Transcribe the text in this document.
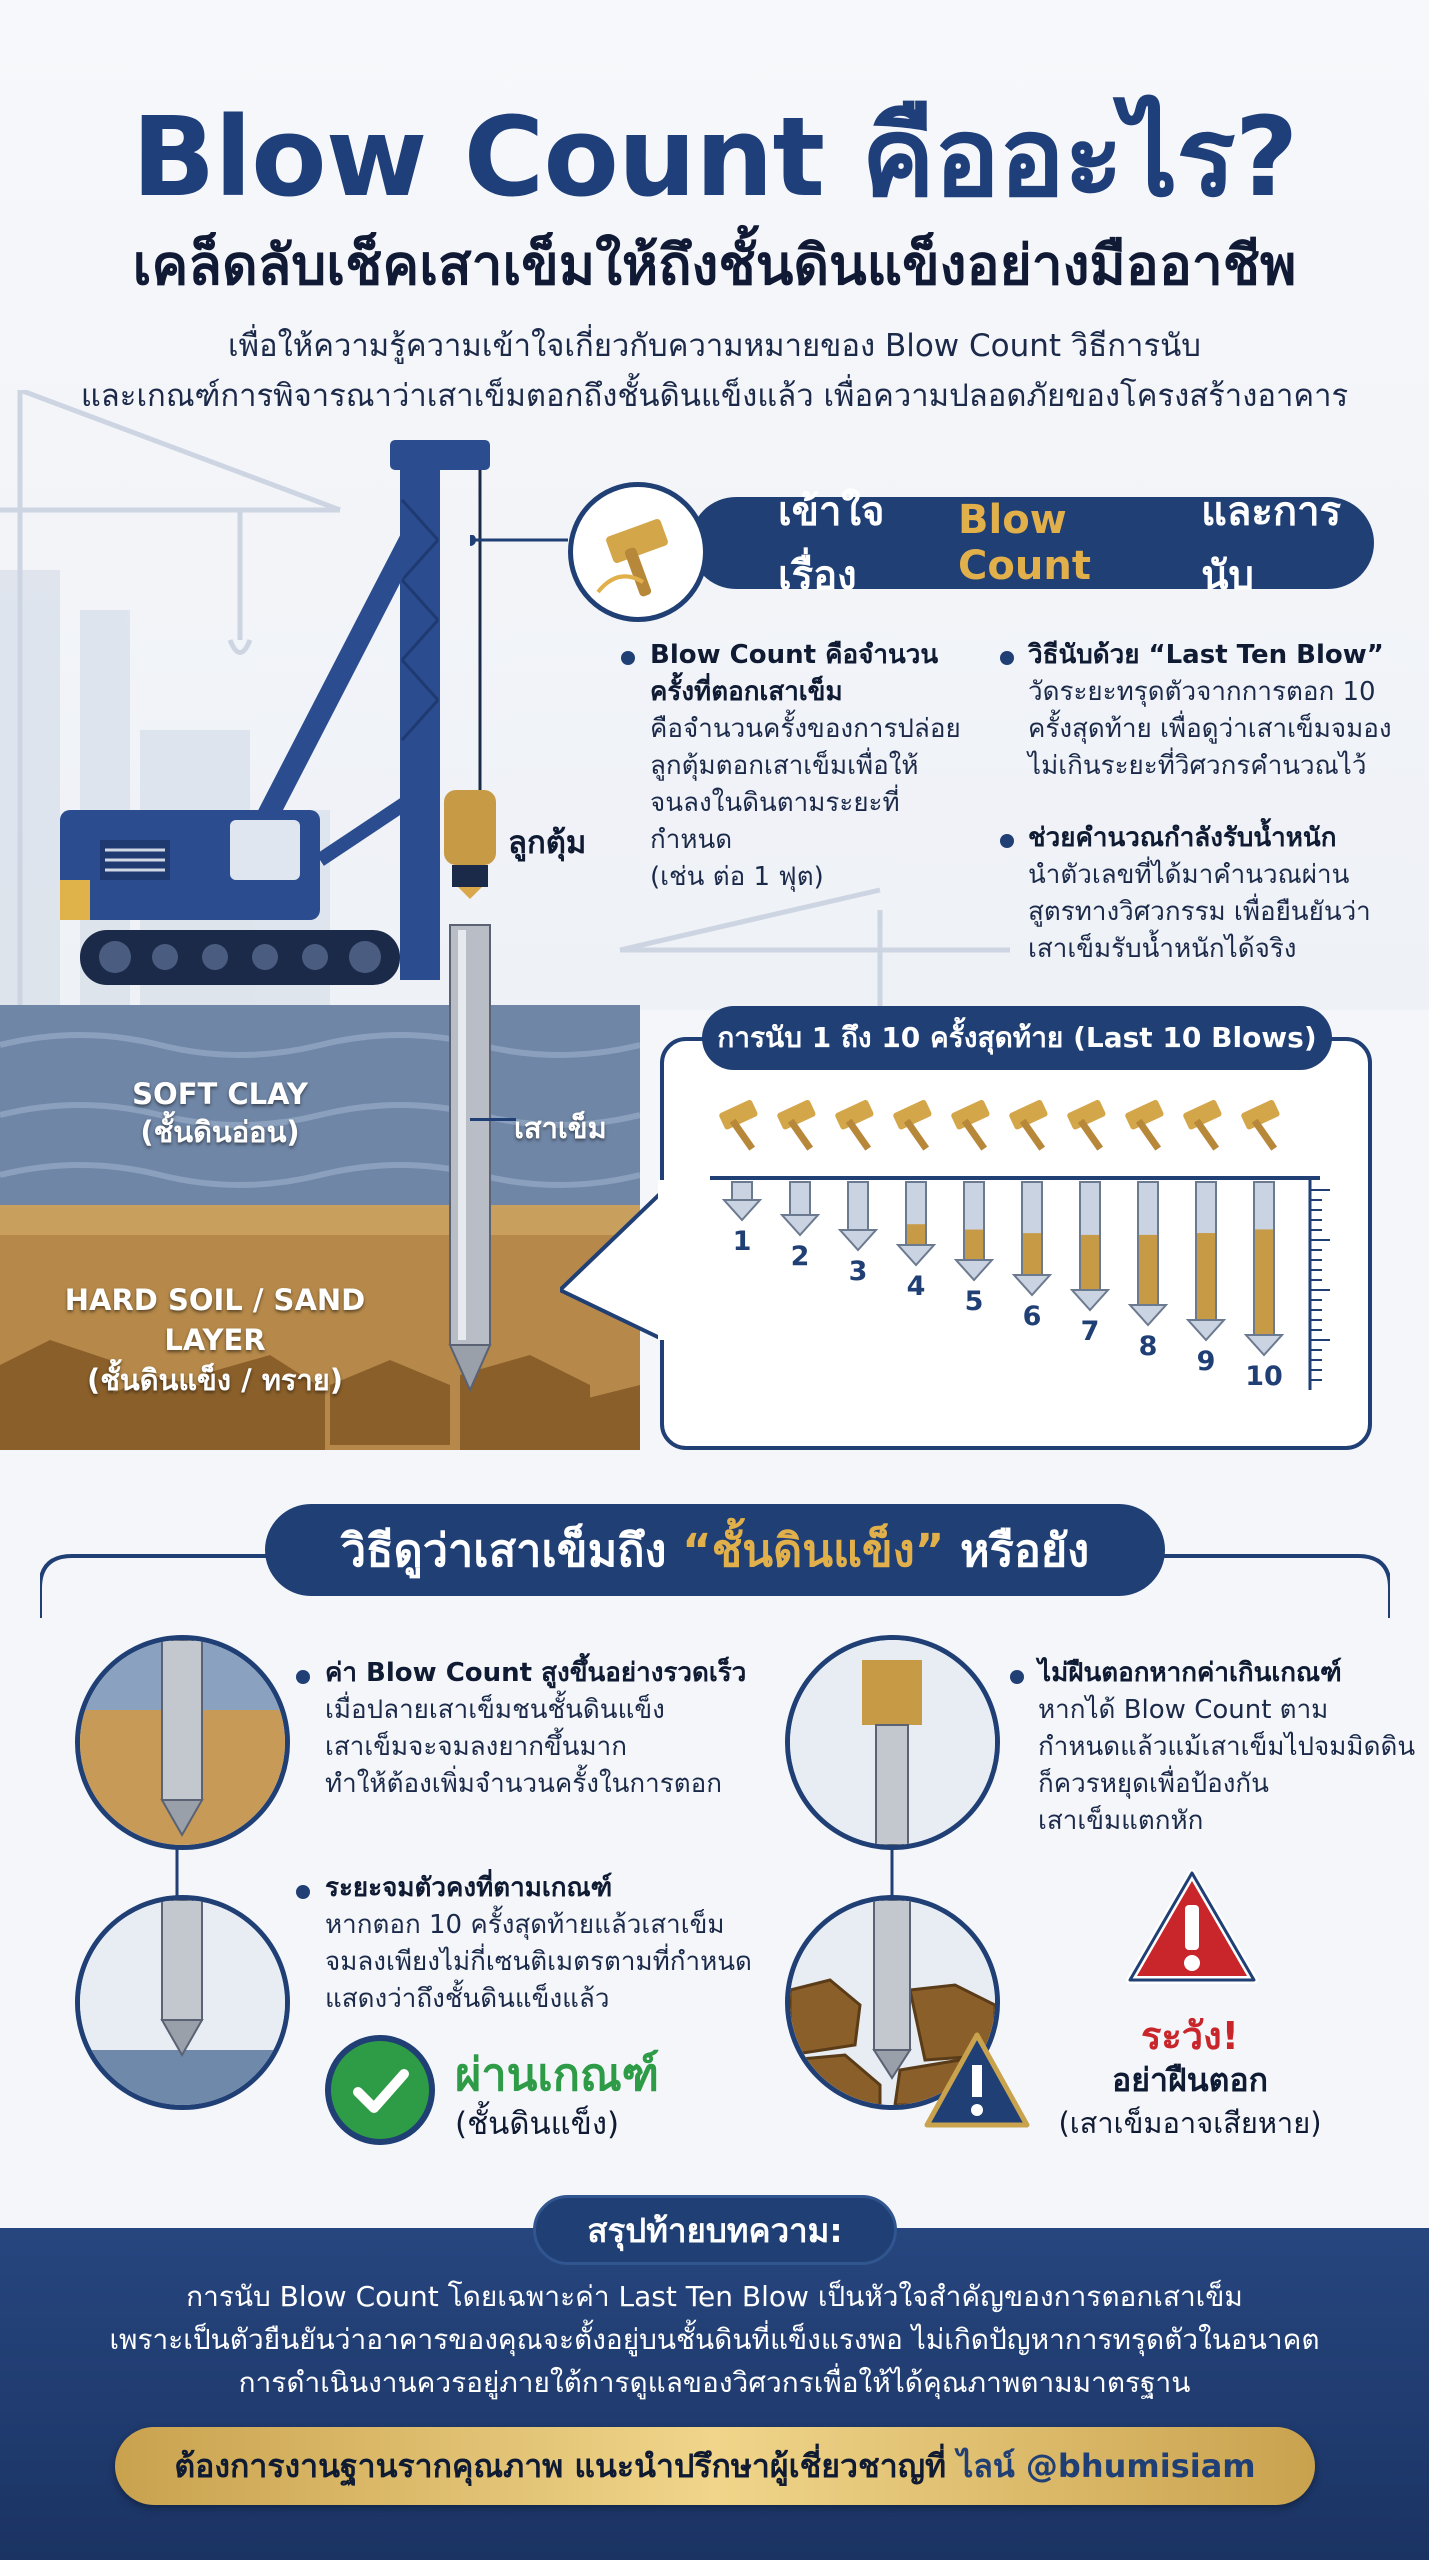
Blow Count คืออะไร?
เคล็ดลับเช็คเสาเข็มให้ถึงชั้นดินแข็งอย่างมืออาชีพ
เพื่อให้ความรู้ความเข้าใจเกี่ยวกับความหมายของ Blow Count วิธีการนับ
และเกณฑ์การพิจารณาว่าเสาเข็มตอกถึงชั้นดินแข็งแล้ว เพื่อความปลอดภัยของโครงสร้างอาคาร
SOFT CLAY
(ชั้นดินอ่อน)
HARD SOIL / SAND LAYER
(ชั้นดินแข็ง / ทราย)
ลูกตุ้ม
เสาเข็ม
เข้าใจเรื่อง

Blow Count

และการนับ
Blow Count คือจำนวน
ครั้งที่ตอกเสาเข็ม
คือจำนวนครั้งของการปล่อย
ลูกตุ้มตอกเสาเข็มเพื่อให้
จนลงในดินตามระยะที่กำหนด
(เช่น ต่อ 1 ฟุต)
วิธีนับด้วย “Last Ten Blow”
วัดระยะทรุดตัวจากการตอก 10
ครั้งสุดท้าย เพื่อดูว่าเสาเข็มจมอง
ไม่เกินระยะที่วิศวกรคำนวณไว้
ช่วยคำนวณกำลังรับน้ำหนัก
นำตัวเลขที่ได้มาคำนวณผ่าน
สูตรทางวิศวกรรม เพื่อยืนยันว่า
เสาเข็มรับน้ำหนักได้จริง
การนับ 1 ถึง 10 ครั้งสุดท้าย (Last 10 Blows)
1	2	3	4	5	6	7	8	9	10
วิธีดูว่าเสาเข็มถึง
“ชั้นดินแข็ง”
หรือยัง
ค่า Blow Count สูงขึ้นอย่างรวดเร็ว
เมื่อปลายเสาเข็มชนชั้นดินแข็ง
เสาเข็มจะจมลงยากขึ้นมาก
ทำให้ต้องเพิ่มจำนวนครั้งในการตอก
ระยะจมตัวคงที่ตามเกณฑ์
หากตอก 10 ครั้งสุดท้ายแล้วเสาเข็ม
จมลงเพียงไม่กี่เซนติเมตรตามที่กำหนด
แสดงว่าถึงชั้นดินแข็งแล้ว
ผ่านเกณฑ์
(ชั้นดินแข็ง)
ไม่ฝืนตอกหากค่าเกินเกณฑ์
หากได้ Blow Count ตาม
กำหนดแล้วแม้เสาเข็มไปจมมิดดิน
ก็ควรหยุดเพื่อป้องกัน
เสาเข็มแตกหัก
ระวัง!
อย่าฝืนตอก
(เสาเข็มอาจเสียหาย)
สรุปท้ายบทความ:
การนับ Blow Count โดยเฉพาะค่า Last Ten Blow เป็นหัวใจสำคัญของการตอกเสาเข็ม
เพราะเป็นตัวยืนยันว่าอาคารของคุณจะตั้งอยู่บนชั้นดินที่แข็งแรงพอ ไม่เกิดปัญหาการทรุดตัวในอนาคต
การดำเนินงานควรอยู่ภายใต้การดูแลของวิศวกรเพื่อให้ได้คุณภาพตามมาตรฐาน
ต้องการงานฐานรากคุณภาพ แนะนำปรึกษาผู้เชี่ยวชาญที่
ไลน์ @bhumisiam
